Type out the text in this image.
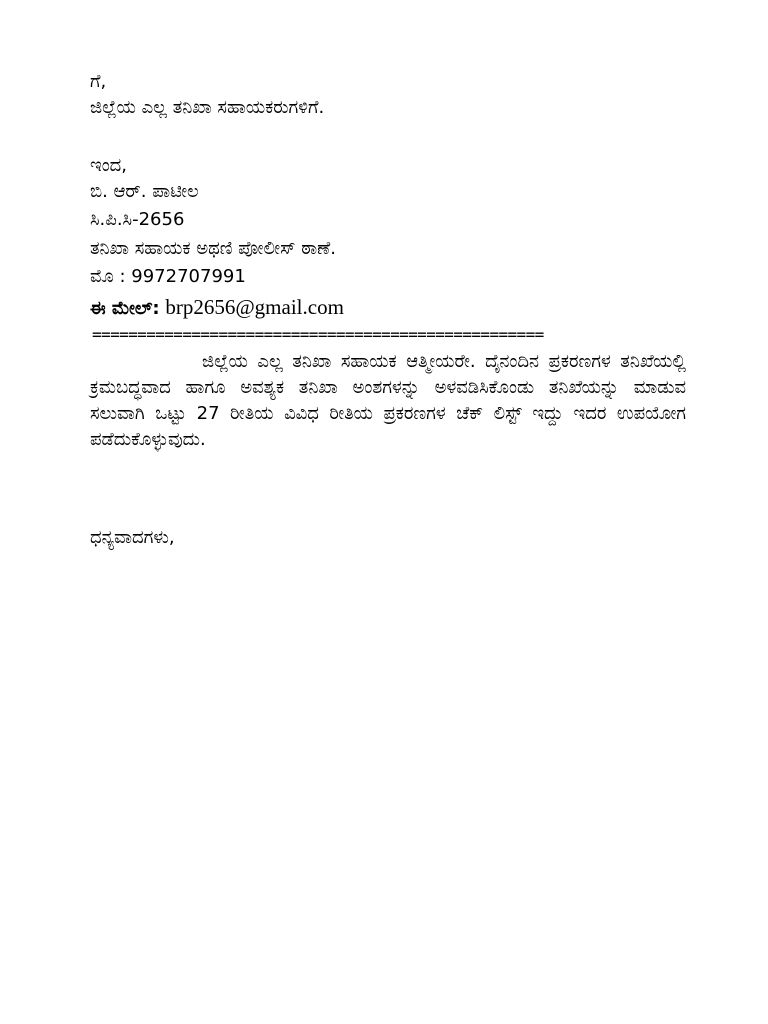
ಗೆ,
ಜಿಲ್ಲೆಯ ಎಲ್ಲ ತನಿಖಾ ಸಹಾಯಕರುಗಳಿಗೆ.
ಇಂದ,
ಬಿ. ಆರ್. ಪಾಟೀಲ
ಸಿ.ಪಿ.ಸಿ-2656
ತನಿಖಾ ಸಹಾಯಕ ಅಥಣಿ ಪೋಲೀಸ್ ಠಾಣೆ.
ಮೊ : 9972707991
ಈ ಮೇಲ್: brp2656@gmail.com
==================================================
ಜಿಲ್ಲೆಯ ಎಲ್ಲ ತನಿಖಾ ಸಹಾಯಕ ಆತ್ಮೀಯರೇ. ದೈನಂದಿನ ಪ್ರಕರಣಗಳ ತನಿಖೆಯಲ್ಲಿ ಕ್ರಮಬದ್ಧವಾದ ಹಾಗೂ ಅವಶ್ಯಕ ತನಿಖಾ ಅಂಶಗಳನ್ನು ಅಳವಡಿಸಿಕೊಂಡು ತನಿಖೆಯನ್ನು ಮಾಡುವ ಸಲುವಾಗಿ ಒಟ್ಟು 27 ರೀತಿಯ ವಿವಿಧ ರೀತಿಯ ಪ್ರಕರಣಗಳ ಚೆಕ್ ಲಿಸ್ಟ್ ಇದ್ದು ಇದರ ಉಪಯೋಗ ಪಡೆದುಕೊಳ್ಳುವುದು.
ಧನ್ಯವಾದಗಳು,
